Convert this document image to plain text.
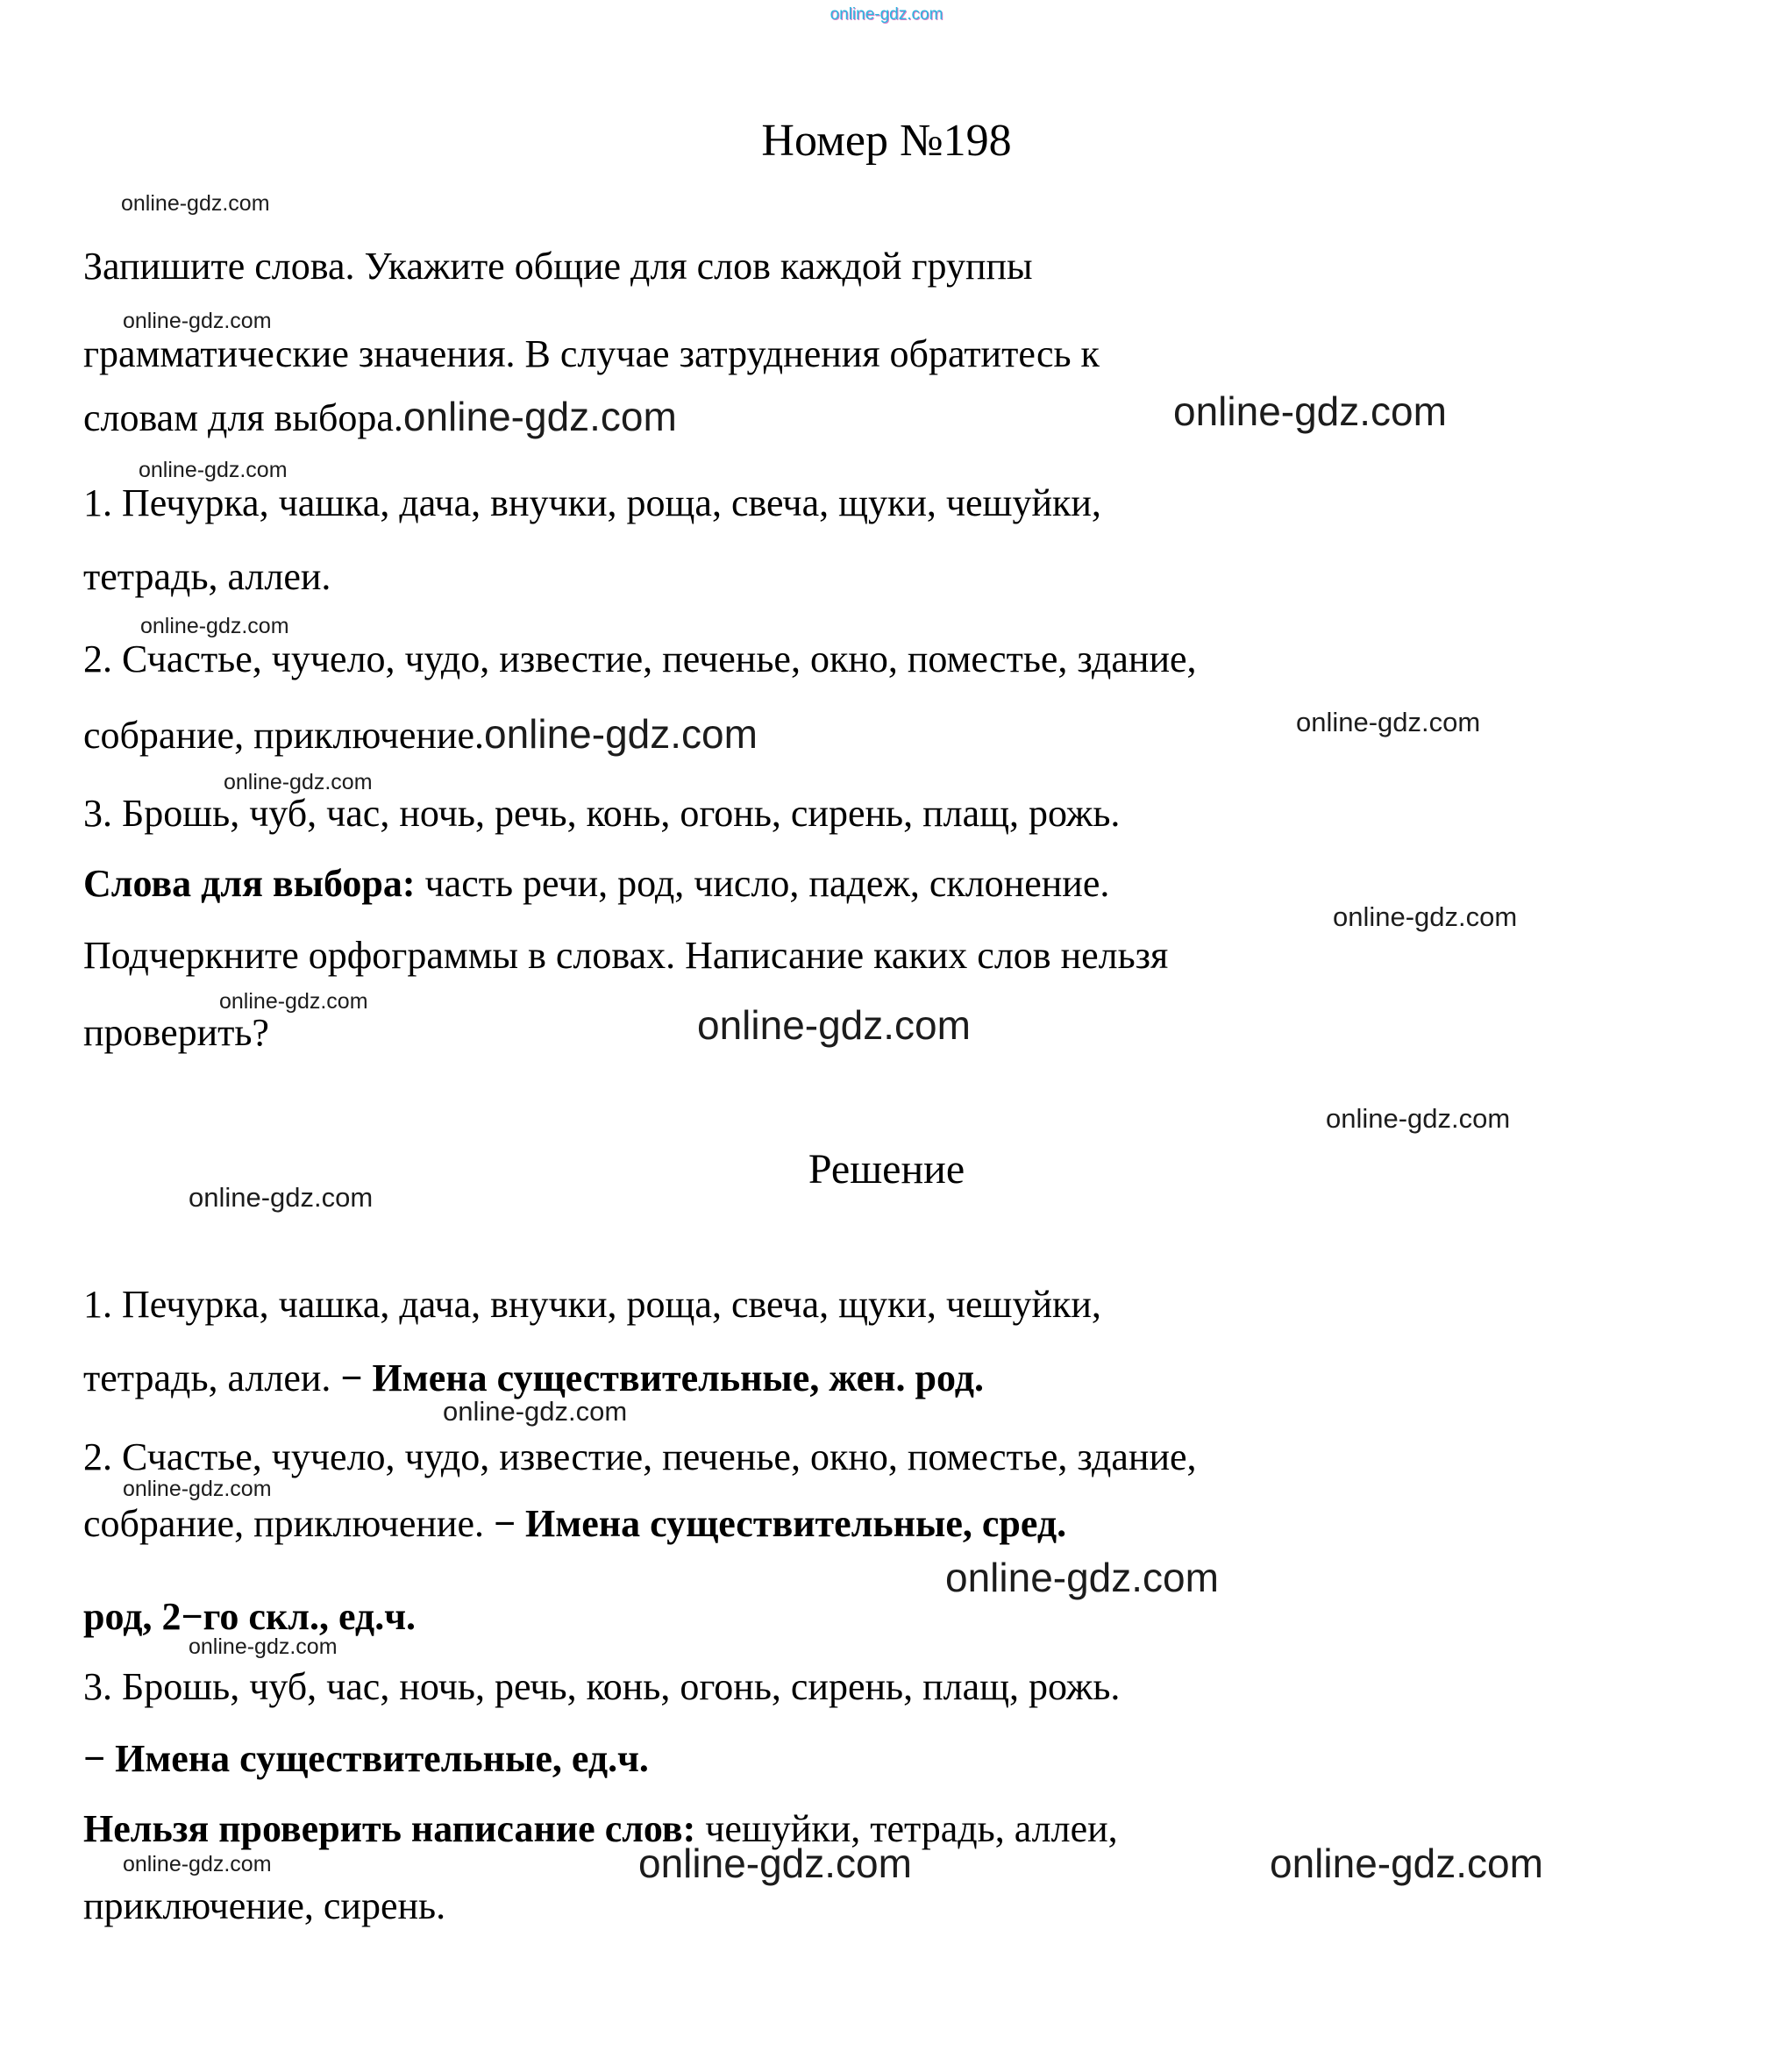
online-gdz.com
Номер №198
online-gdz.com
Запишите слова. Укажите общие для слов каждой группы
online-gdz.com
грамматические значения. В случае затруднения обратитесь к
словам для выбора.online-gdz.com	online-gdz.com
online-gdz.com
1. Печурка, чашка, дача, внучки, роща, свеча, щуки, чешуйки,
тетрадь, аллеи.
online-gdz.com
2. Счастье, чучело, чудо, известие, печенье, окно, поместье, здание,
собрание, приключение.online-gdz.com	online-gdz.com
online-gdz.com
3. Брошь, чуб, час, ночь, речь, конь, огонь, сирень, плащ, рожь.
Слова для выбора: часть речи, род, число, падеж, склонение.
online-gdz.com
Подчеркните орфограммы в словах. Написание каких слов нельзя
online-gdz.com
проверить?	online-gdz.com
online-gdz.com
Решение
online-gdz.com
1. Печурка, чашка, дача, внучки, роща, свеча, щуки, чешуйки,
тетрадь, аллеи. − Имена существительные, жен. род.
online-gdz.com
2. Счастье, чучело, чудо, известие, печенье, окно, поместье, здание,
online-gdz.com
собрание, приключение. − Имена существительные, сред.
online-gdz.com
род, 2−го скл., ед.ч.
online-gdz.com
3. Брошь, чуб, час, ночь, речь, конь, огонь, сирень, плащ, рожь.
− Имена существительные, ед.ч.
Нельзя проверить написание слов: чешуйки, тетрадь, аллеи,
online-gdz.com	online-gdz.com	online-gdz.com
приключение, сирень.
